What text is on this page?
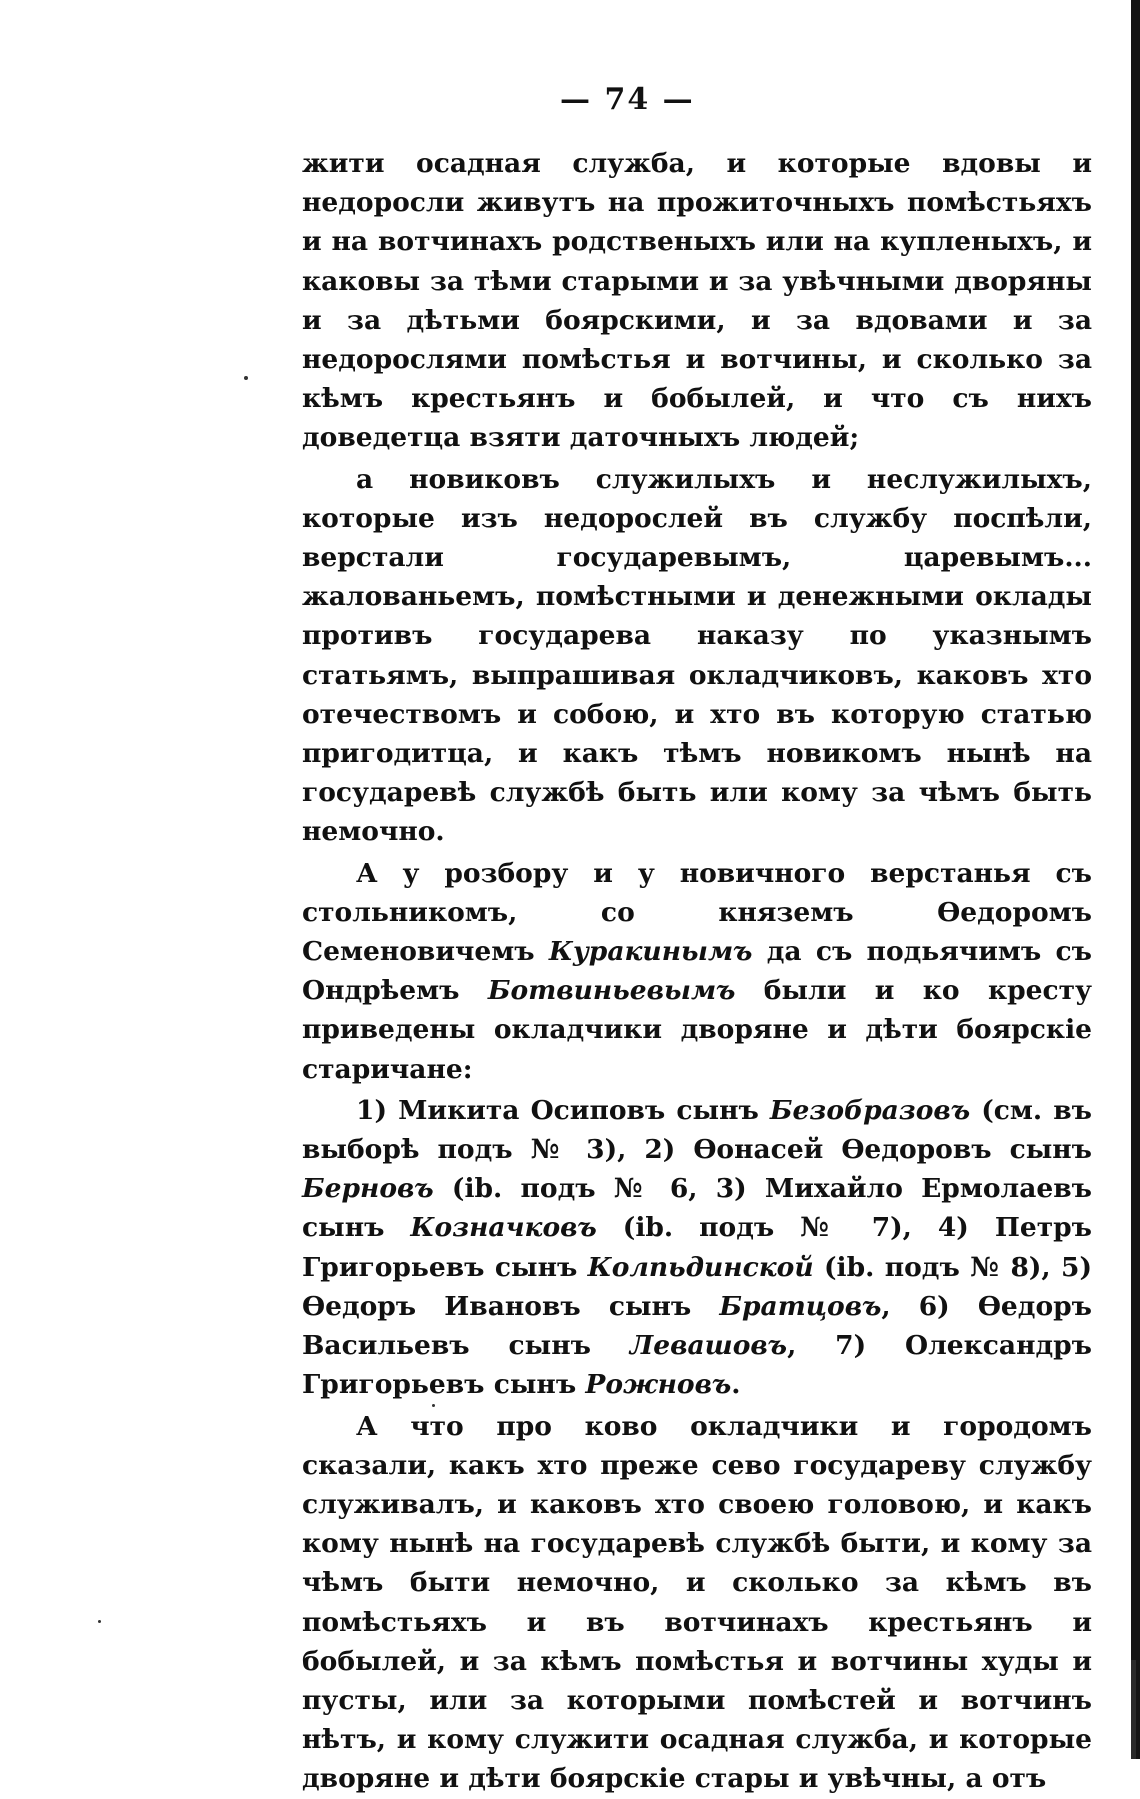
— 74 —

жити осадная служба, и которые вдовы и недоросли живутъ на прожиточныхъ помѣстьяхъ и на вотчинахъ родственыхъ или на купленыхъ, и каковы за тѣми старыми и за увѣчными дворяны и за дѣтьми боярскими, и за вдовами и за недорослями помѣстья и вотчины, и сколько за кѣмъ крестьянъ и бобылей, и что съ нихъ доведетца взяти даточныхъ людей;

а новиковъ служилыхъ и неслужилыхъ, которые изъ недорослей въ службу поспѣли, верстали государевымъ, царевымъ... жалованьемъ, помѣстными и денежными оклады противъ государева наказу по указнымъ статьямъ, выпрашивая окладчиковъ, каковъ хто отечествомъ и собою, и хто въ которую статью пригодитца, и какъ тѣмъ новикомъ нынѣ на государевѣ службѣ быть или кому за чѣмъ быть немочно.

А у розбору и у новичного верстанья съ стольникомъ, со княземъ Ѳедоромъ Семеновичемъ Куракинымъ да съ подьячимъ съ Ондрѣемъ Ботвиньевымъ были и ко кресту приведены окладчики дворяне и дѣти боярскіе старичане:

1) Микита Осиповъ сынъ Безобразовъ (см. въ выборѣ подъ № 3), 2) Ѳонасей Ѳедоровъ сынъ Берновъ (ib. подъ № 6, 3) Михайло Ермолаевъ сынъ Козначковъ (ib. подъ № 7), 4) Петръ Григорьевъ сынъ Колпьдинской (ib. подъ № 8), 5) Ѳедоръ Ивановъ сынъ Братцовъ, 6) Ѳедоръ Васильевъ сынъ Левашовъ, 7) Олександръ Григорьевъ сынъ Рожновъ.

А что про ково окладчики и городомъ сказали, какъ хто преже сево государеву службу служивалъ, и каковъ хто своею головою, и какъ кому нынѣ на государевѣ службѣ быти, и кому за чѣмъ быти немочно, и сколько за кѣмъ въ помѣстьяхъ и въ вотчинахъ крестьянъ и бобылей, и за кѣмъ помѣстья и вотчины худы и пусты, или за которыми помѣстей и вотчинъ нѣтъ, и кому служити осадная служба, и которые дворяне и дѣти боярскіе стары и увѣчны, а отъ
